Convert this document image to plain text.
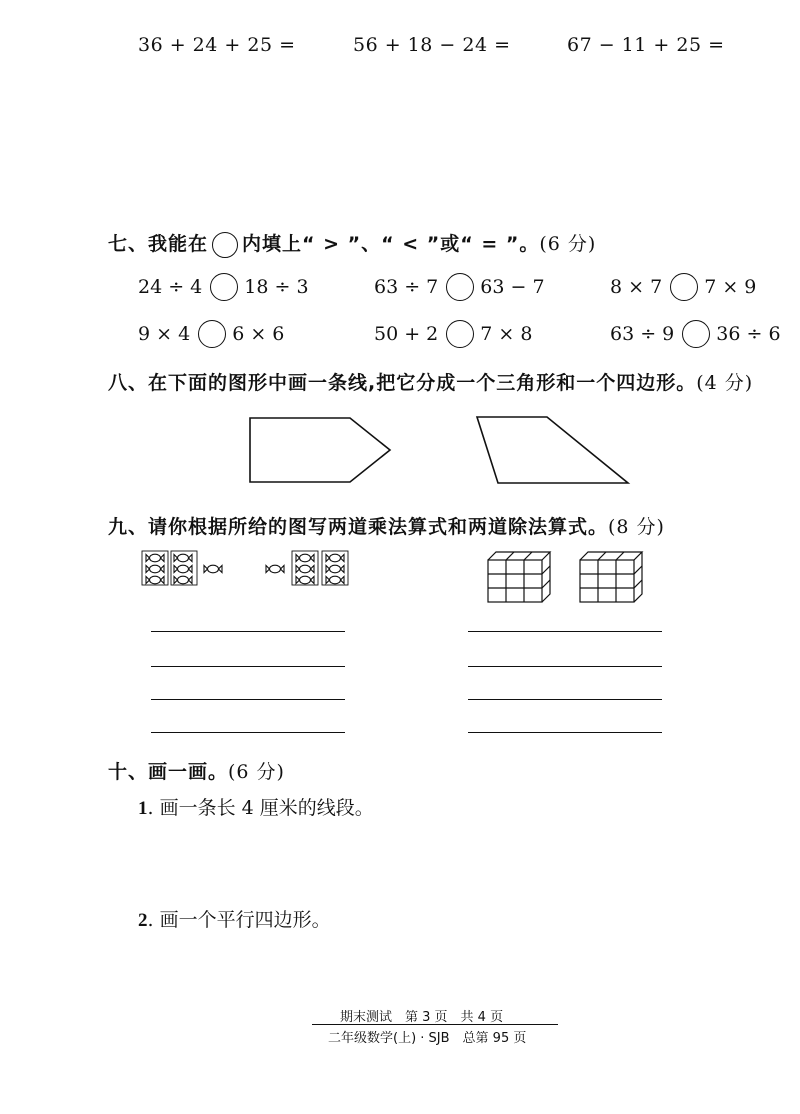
36 + 24 + 25 =	56 + 18 − 24 =	67 − 11 + 25 =
七、我能在 内填上“ > ”、“ < ”或“ = ”。(6 分)
24 ÷ 4 18 ÷ 3	63 ÷ 7 63 − 7	8 × 7 7 × 9
9 × 4 6 × 6	50 + 2 7 × 8	63 ÷ 9 36 ÷ 6
八、在下面的图形中画一条线,把它分成一个三角形和一个四边形。(4 分)
九、请你根据所给的图写两道乘法算式和两道除法算式。(8 分)
十、画一画。(6 分)
1. 画一条长 4 厘米的线段。
2. 画一个平行四边形。
期末测试　第 3 页　共 4 页
二年级数学(上) · SJB　总第 95 页
